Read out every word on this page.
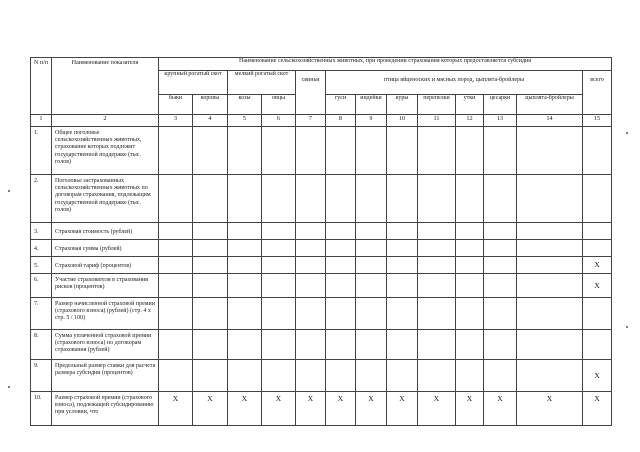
N п/п	Наименование показателя	Наименование сельскохозяйственных животных, при проведении страхования которых предоставляется субсидия												
		крупный рогатый скот		мелкий рогатый скот		свиньи	птица яйценоских и мясных пород, цыплята-бройлеры							всего
		быки	коровы	козы	овцы		гуси	индейки	куры	перепелки	утки	цесарки	цыплята-бройлеры	
1	2	3	4	5	6	7	8	9	10	11	12	13	14	15
1.	Общее поголовье сельскохозяйственных животных, страхование которых подлежит государственной поддержке (тыс. голов)													
2.	Поголовье застрахованных сельскохозяйственных животных по договорам страхования, подлежащим государственной поддержке (тыс. голов)													
3.	Страховая стоимость (рублей)													
4.	Страховая сумма (рублей)													
5.	Страховой тариф (процентов)													X
6.	Участие страхователя в страховании рисков (процентов)													X
7.	Размер начисленной страховой премии (страхового взноса) (рублей) (стр. 4 x стр. 5 / 100)													
8.	Сумма уплаченной страховой премии (страхового взноса) по договорам страхования (рублей)													
9.	Предельный размер ставки для расчета размера субсидии (процентов)													X
10.	Размер страховой премии (страхового взноса), подлежащей субсидированию при условии, что	X	X	X	X	X	X	X	X	X	X	X	X	X
